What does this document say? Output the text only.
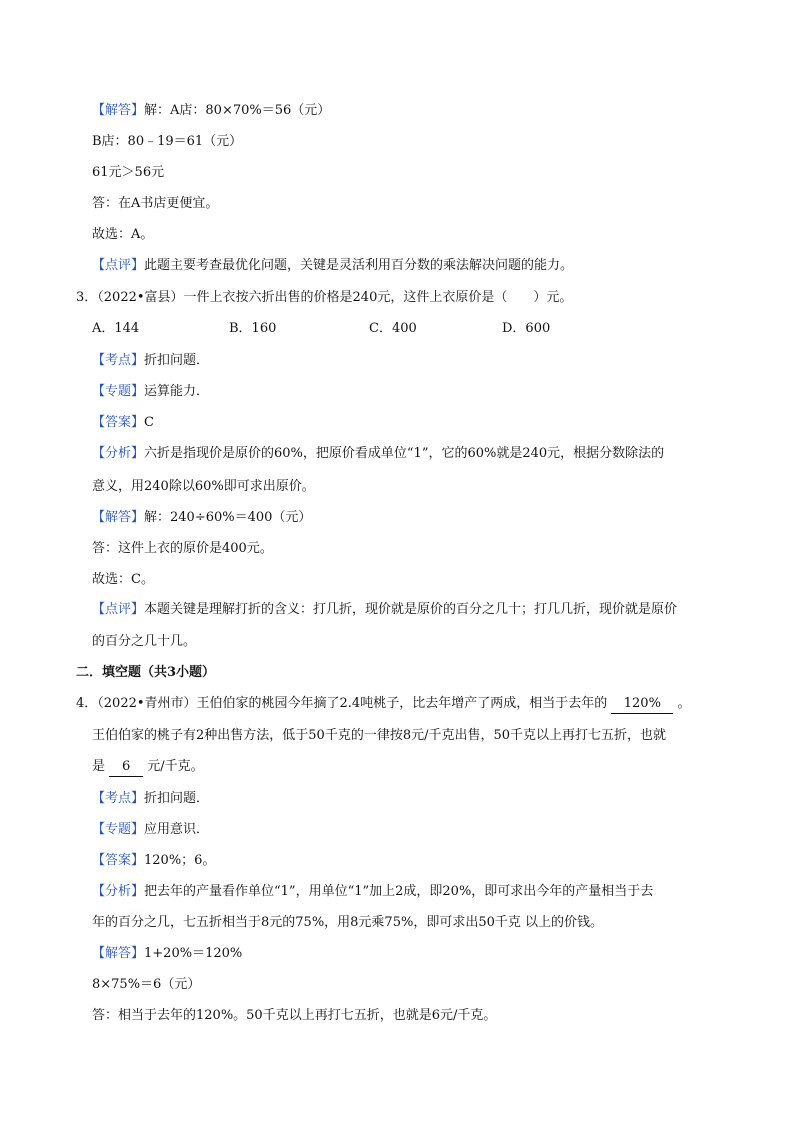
【解答】解：A店：80×70%＝56（元）
B店：80﹣19＝61（元）
61元＞56元
答：在A书店更便宜。
故选：A。
【点评】此题主要考查最优化问题，关键是灵活利用百分数的乘法解决问题的能力。
3．（2022•富县）一件上衣按六折出售的价格是240元，这件上衣原价是（　　）元。
A．144	B．160	C．400	D．600
【考点】折扣问题．
【专题】运算能力．
【答案】C
【分析】六折是指现价是原价的60%，把原价看成单位“1”，它的60%就是240元，根据分数除法的
意义，用240除以60%即可求出原价。
【解答】解：240÷60%＝400（元）
答：这件上衣的原价是400元。
故选：C。
【点评】本题关键是理解打折的含义：打几折，现价就是原价的百分之几十；打几几折，现价就是原价
的百分之几十几。
二．填空题（共3小题）
4．（2022•青州市）王伯伯家的桃园今年摘了2.4吨桃子，比去年增产了两成，相当于去年的 120% 。
王伯伯家的桃子有2种出售方法，低于50千克的一律按8元/千克出售，50千克以上再打七五折，也就
是 6 元/千克。
【考点】折扣问题．
【专题】应用意识．
【答案】120%；6。
【分析】把去年的产量看作单位“1”，用单位“1”加上2成，即20%，即可求出今年的产量相当于去
年的百分之几，七五折相当于8元的75%，用8元乘75%，即可求出50千克 以上的价钱。
【解答】1+20%＝120%
8×75%＝6（元）
答：相当于去年的120%。50千克以上再打七五折，也就是6元/千克。
